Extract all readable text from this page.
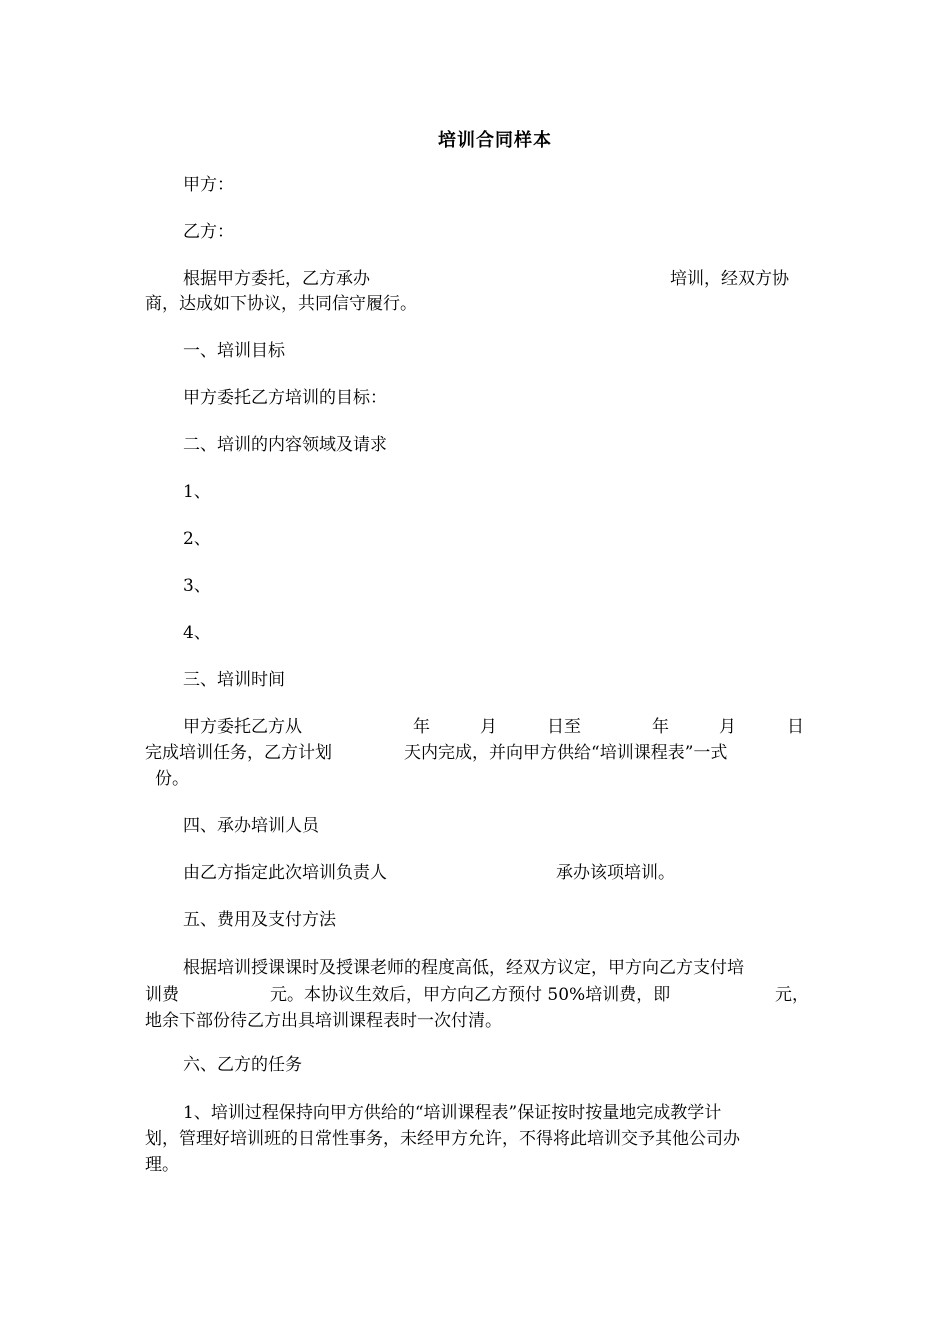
培训合同样本
甲方：
乙方：
根据甲方委托，乙方承办	培训，经双方协
商，达成如下协议，共同信守履行。
一、培训目标
甲方委托乙方培训的目标：
二、培训的内容领域及请求
1、
2、
3、
4、
三、培训时间
甲方委托乙方从	年	月	日至	年	月	日
完成培训任务，乙方计划	天内完成，并向甲方供给“培训课程表”一式
份。
四、承办培训人员
由乙方指定此次培训负责人	承办该项培训。
五、费用及支付方法
根据培训授课课时及授课老师的程度高低，经双方议定，甲方向乙方支付培
训费	元。本协议生效后，甲方向乙方预付 50%培训费，即	元，
地余下部份待乙方出具培训课程表时一次付清。
六、乙方的任务
1、培训过程保持向甲方供给的“培训课程表”保证按时按量地完成教学计
划，管理好培训班的日常性事务，未经甲方允许，不得将此培训交予其他公司办
理。
